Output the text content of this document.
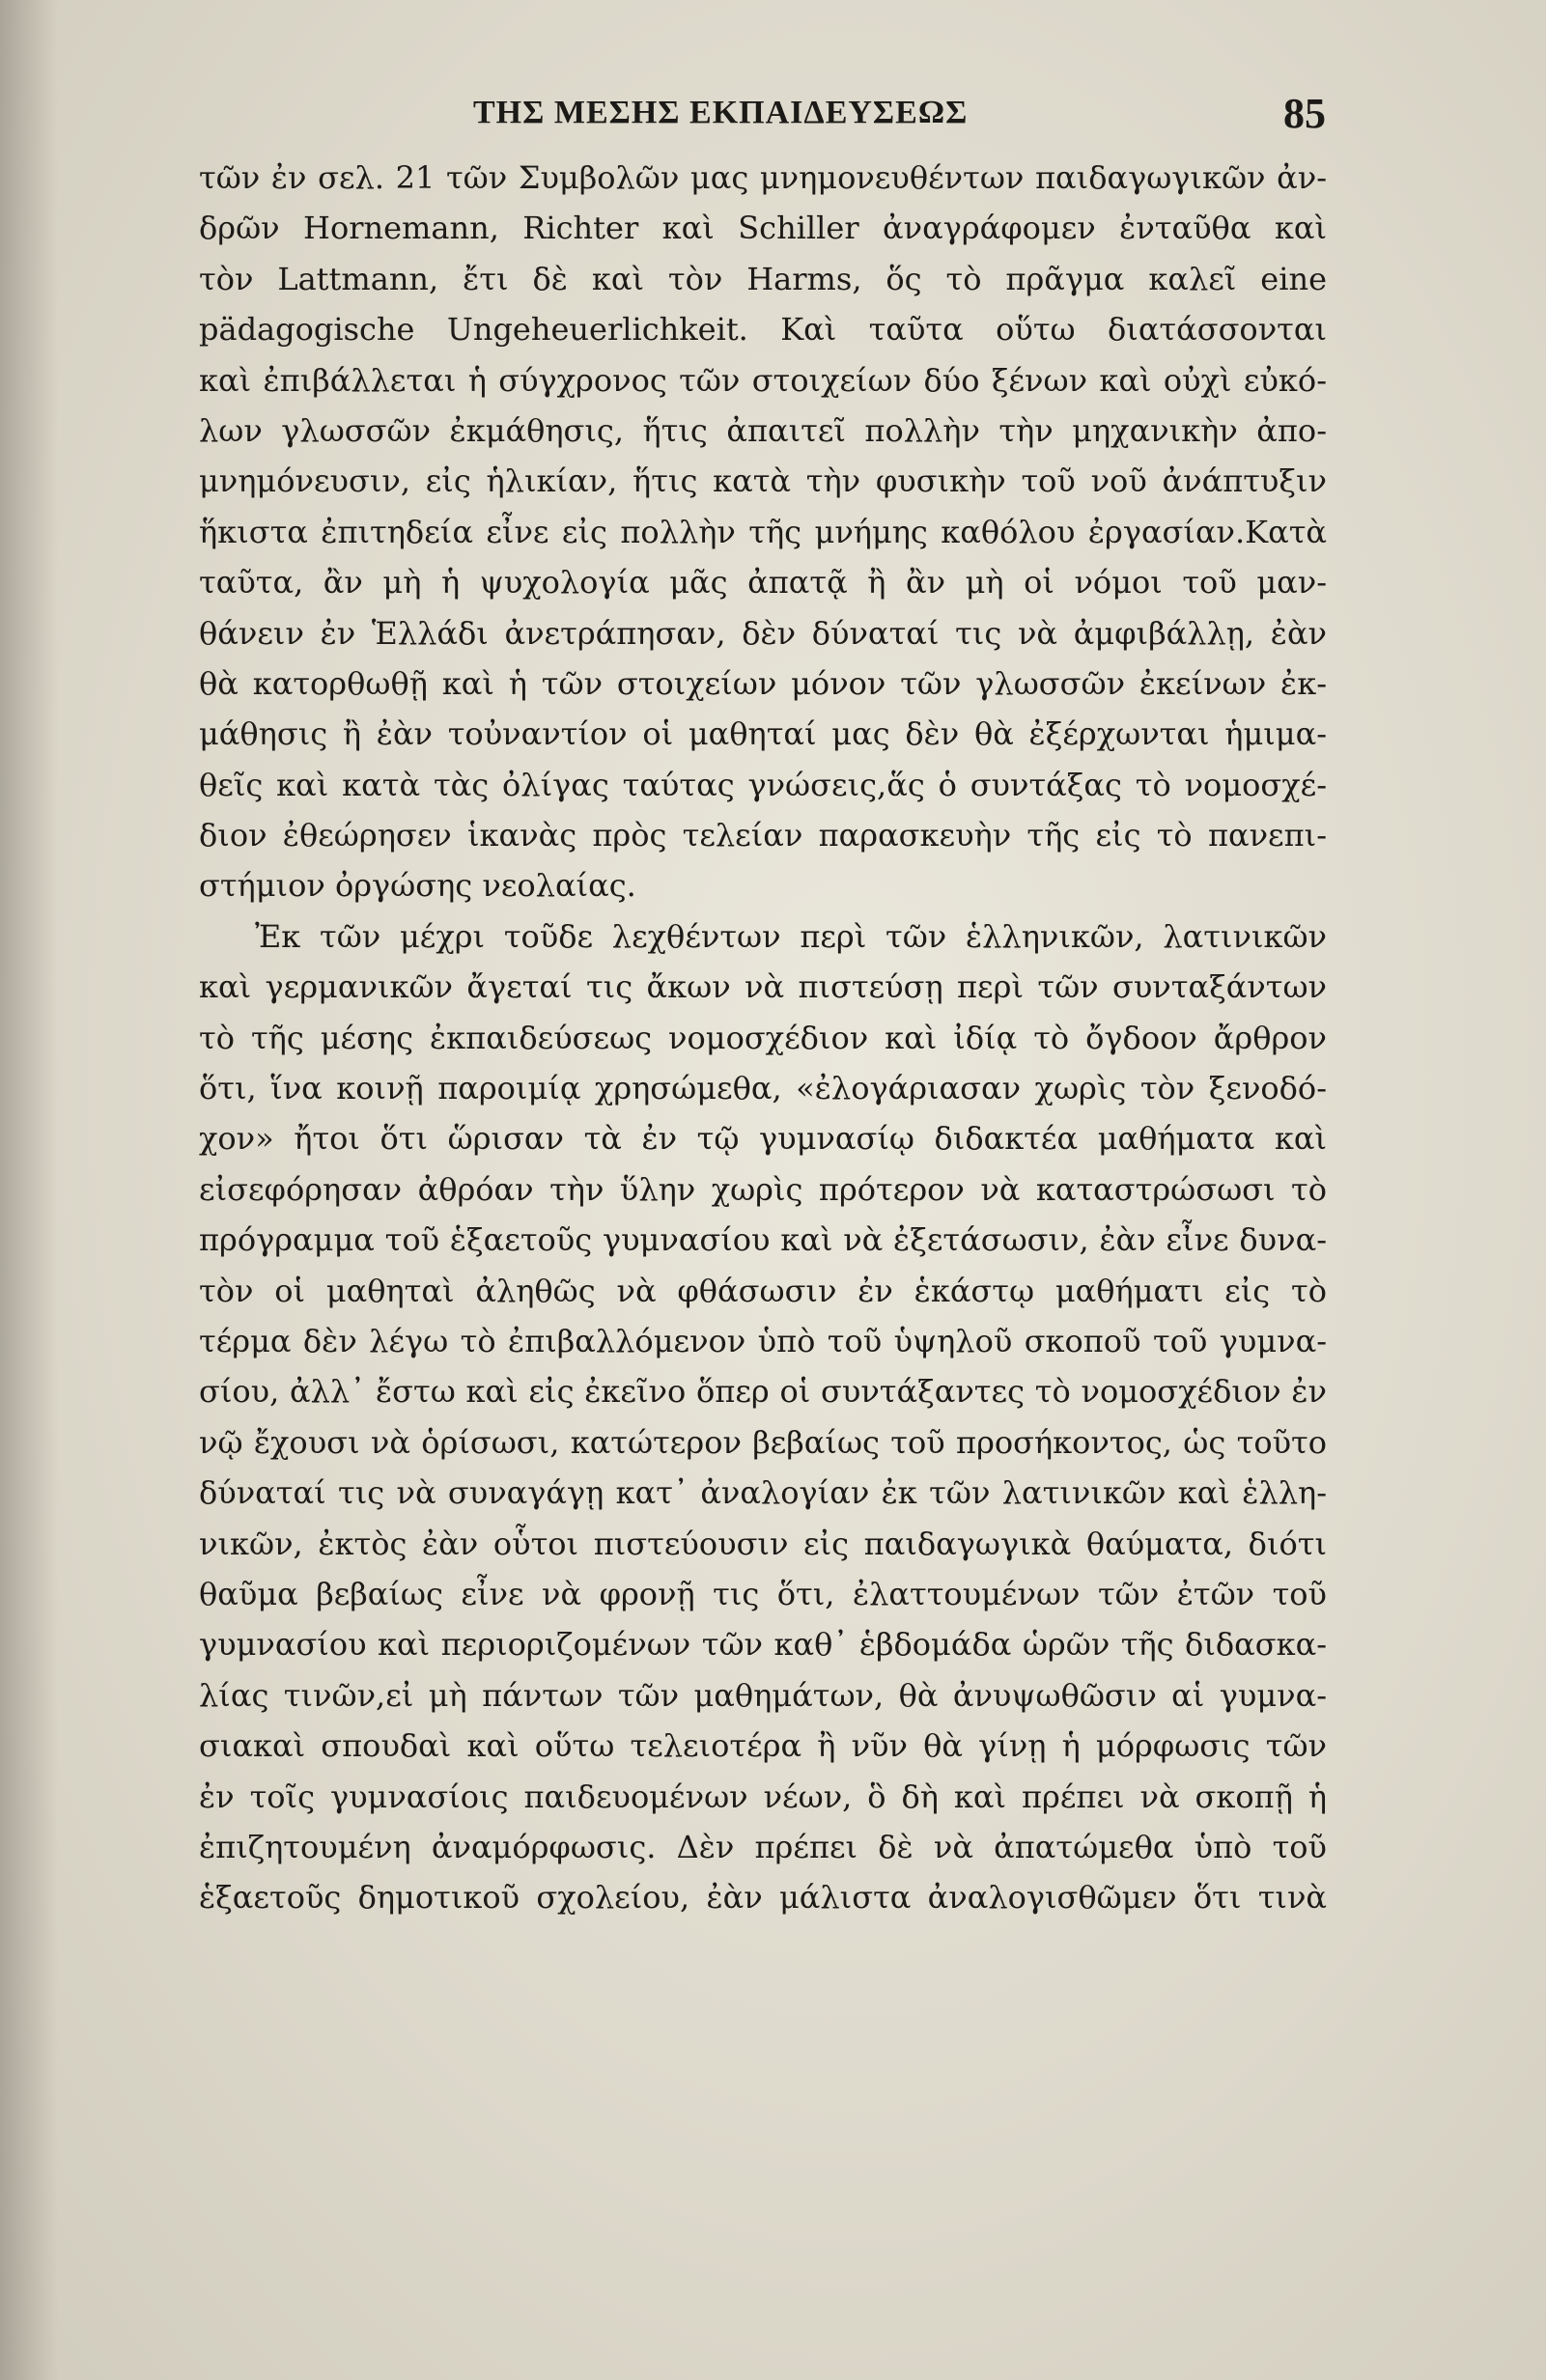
ΤΗΣ ΜΕΣΗΣ ΕΚΠΑΙΔΕΥΣΕΩΣ	85
τῶν ἐν σελ. 21 τῶν Συμβολῶν μας μνημονευθέντων παιδαγωγικῶν ἀν-
δρῶν Hornemann, Richter καὶ Schiller ἀναγράφομεν ἐνταῦθα καὶ
τὸν Lattmann, ἔτι δὲ καὶ τὸν Harms, ὅς τὸ πρᾶγμα καλεῖ eine
pädagogische Ungeheuerlichkeit. Καὶ ταῦτα οὕτω διατάσσονται
καὶ ἐπιβάλλεται ἡ σύγχρονος τῶν στοιχείων δύο ξένων καὶ οὐχὶ εὐκό-
λων γλωσσῶν ἐκμάθησις, ἥτις ἀπαιτεῖ πολλὴν τὴν μηχανικὴν ἀπο-
μνημόνευσιν, εἰς ἡλικίαν, ἥτις κατὰ τὴν φυσικὴν τοῦ νοῦ ἀνάπτυξιν
ἥκιστα ἐπιτηδεία εἶνε εἰς πολλὴν τῆς μνήμης καθόλου ἐργασίαν.Κατὰ
ταῦτα, ἂν μὴ ἡ ψυχολογία μᾶς ἀπατᾷ ἢ ἂν μὴ οἱ νόμοι τοῦ μαν-
θάνειν ἐν Ἑλλάδι ἀνετράπησαν, δὲν δύναταί τις νὰ ἀμφιβάλλῃ, ἐὰν
θὰ κατορθωθῇ καὶ ἡ τῶν στοιχείων μόνον τῶν γλωσσῶν ἐκείνων ἐκ-
μάθησις ἢ ἐὰν τοὐναντίον οἱ μαθηταί μας δὲν θὰ ἐξέρχωνται ἡμιμα-
θεῖς καὶ κατὰ τὰς ὀλίγας ταύτας γνώσεις,ἅς ὁ συντάξας τὸ νομοσχέ-
διον ἐθεώρησεν ἱκανὰς πρὸς τελείαν παρασκευὴν τῆς εἰς τὸ πανεπι-
στήμιον ὀργώσης νεολαίας.
Ἐκ τῶν μέχρι τοῦδε λεχθέντων περὶ τῶν ἑλληνικῶν, λατινικῶν
καὶ γερμανικῶν ἄγεταί τις ἄκων νὰ πιστεύσῃ περὶ τῶν συνταξάντων
τὸ τῆς μέσης ἐκπαιδεύσεως νομοσχέδιον καὶ ἰδίᾳ τὸ ὄγδοον ἄρθρον
ὅτι, ἵνα κοινῇ παροιμίᾳ χρησώμεθα, «ἐλογάριασαν χωρὶς τὸν ξενοδό-
χον» ἤτοι ὅτι ὥρισαν τὰ ἐν τῷ γυμνασίῳ διδακτέα μαθήματα καὶ
εἰσεφόρησαν ἀθρόαν τὴν ὕλην χωρὶς πρότερον νὰ καταστρώσωσι τὸ
πρόγραμμα τοῦ ἑξαετοῦς γυμνασίου καὶ νὰ ἐξετάσωσιν, ἐὰν εἶνε δυνα-
τὸν οἱ μαθηταὶ ἀληθῶς νὰ φθάσωσιν ἐν ἑκάστῳ μαθήματι εἰς τὸ
τέρμα δὲν λέγω τὸ ἐπιβαλλόμενον ὑπὸ τοῦ ὑψηλοῦ σκοποῦ τοῦ γυμνα-
σίου, ἀλλ᾽ ἔστω καὶ εἰς ἐκεῖνο ὅπερ οἱ συντάξαντες τὸ νομοσχέδιον ἐν
νῷ ἔχουσι νὰ ὁρίσωσι, κατώτερον βεβαίως τοῦ προσήκοντος, ὡς τοῦτο
δύναταί τις νὰ συναγάγῃ κατ᾽ ἀναλογίαν ἐκ τῶν λατινικῶν καὶ ἑλλη-
νικῶν, ἐκτὸς ἐὰν οὗτοι πιστεύουσιν εἰς παιδαγωγικὰ θαύματα, διότι
θαῦμα βεβαίως εἶνε νὰ φρονῇ τις ὅτι, ἐλαττουμένων τῶν ἐτῶν τοῦ
γυμνασίου καὶ περιοριζομένων τῶν καθ᾽ ἑβδομάδα ὡρῶν τῆς διδασκα-
λίας τινῶν,εἰ μὴ πάντων τῶν μαθημάτων, θὰ ἀνυψωθῶσιν αἱ γυμνα-
σιακαὶ σπουδαὶ καὶ οὕτω τελειοτέρα ἢ νῦν θὰ γίνῃ ἡ μόρφωσις τῶν
ἐν τοῖς γυμνασίοις παιδευομένων νέων, ὃ δὴ καὶ πρέπει νὰ σκοπῇ ἡ
ἐπιζητουμένη ἀναμόρφωσις. Δὲν πρέπει δὲ νὰ ἀπατώμεθα ὑπὸ τοῦ
ἑξαετοῦς δημοτικοῦ σχολείου, ἐὰν μάλιστα ἀναλογισθῶμεν ὅτι τινὰ
